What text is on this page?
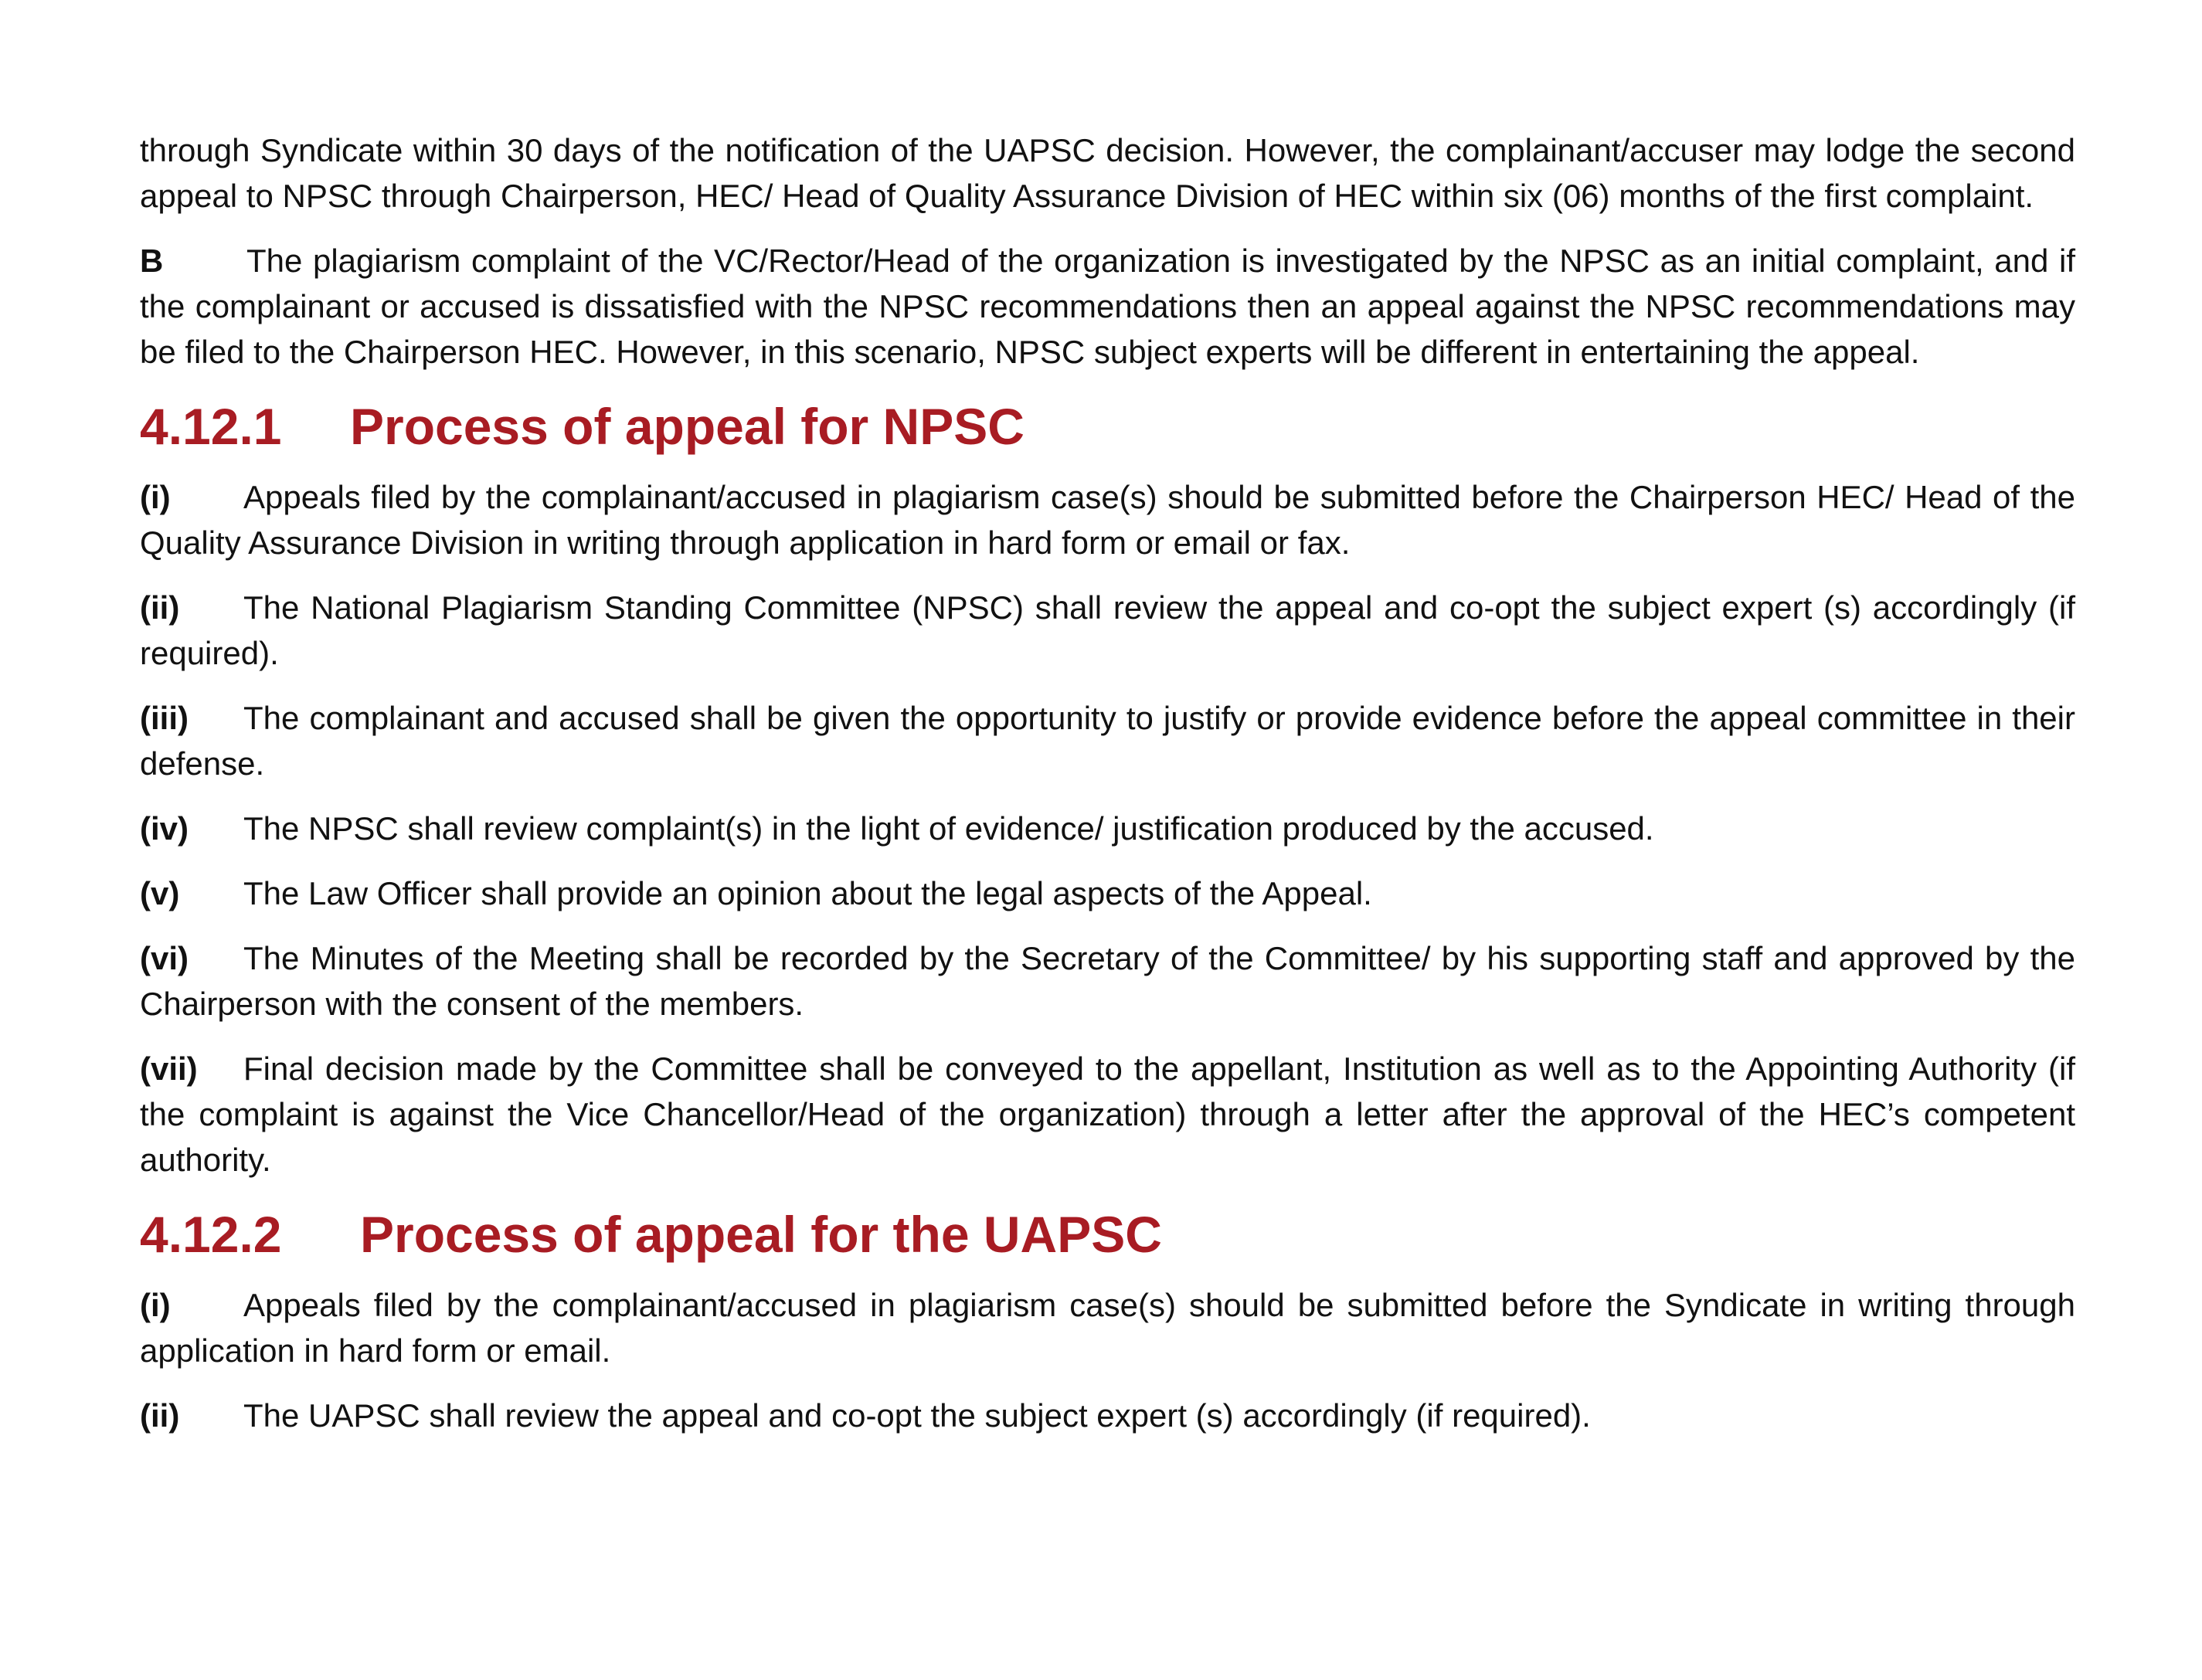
through Syndicate within 30 days of the notification of the UAPSC decision. However, the complainant/accuser may lodge the second appeal to NPSC through Chairperson, HEC/ Head of Quality Assurance Division of HEC within six (06) months of the first complaint.

B	The plagiarism complaint of the VC/Rector/Head of the organization is investigated by the NPSC as an initial complaint, and if the complainant or accused is dissatisfied with the NPSC recommendations then an appeal against the NPSC recommendations may be filed to the Chairperson HEC. However, in this scenario, NPSC subject experts will be different in entertaining the appeal.

4.12.1 Process of appeal for NPSC

(i) Appeals filed by the complainant/accused in plagiarism case(s) should be submitted before the Chairperson HEC/ Head of the Quality Assurance Division in writing through application in hard form or email or fax.

(ii) The National Plagiarism Standing Committee (NPSC) shall review the appeal and co-opt the subject expert (s) accordingly (if required).

(iii) The complainant and accused shall be given the opportunity to justify or provide evidence before the appeal committee in their defense.

(iv) The NPSC shall review complaint(s) in the light of evidence/ justification produced by the accused.

(v) The Law Officer shall provide an opinion about the legal aspects of the Appeal.

(vi) The Minutes of the Meeting shall be recorded by the Secretary of the Committee/ by his supporting staff and approved by the Chairperson with the consent of the members.

(vii) Final decision made by the Committee shall be conveyed to the appellant, Institution as well as to the Appointing Authority (if the complaint is against the Vice Chancellor/Head of the organization) through a letter after the approval of the HEC’s competent authority.

4.12.2 Process of appeal for the UAPSC

(i) Appeals filed by the complainant/accused in plagiarism case(s) should be submitted before the Syndicate in writing through application in hard form or email.

(ii) The UAPSC shall review the appeal and co-opt the subject expert (s) accordingly (if required).
